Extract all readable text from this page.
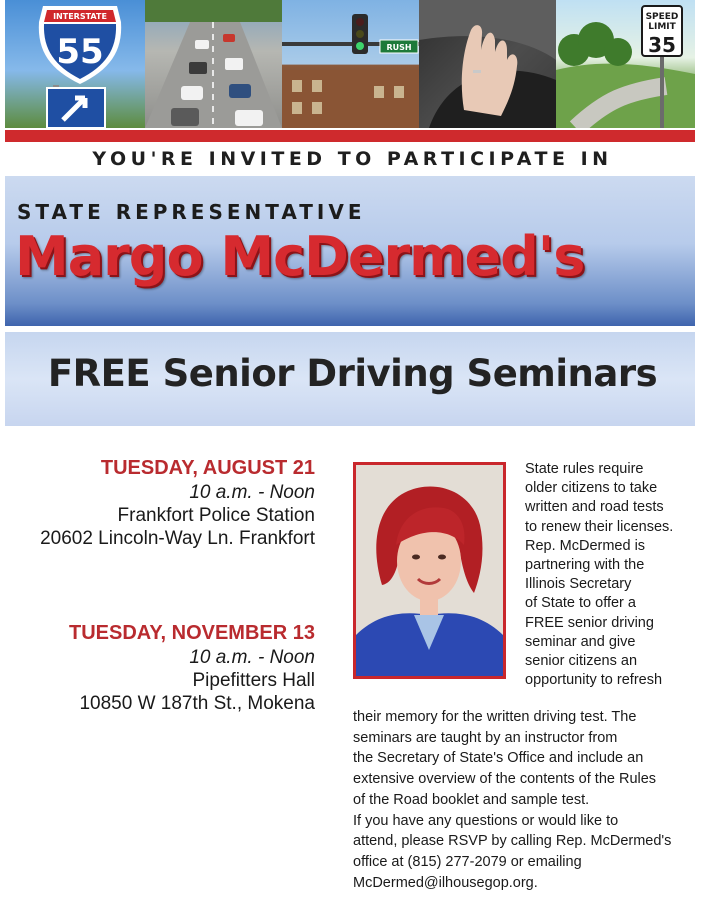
INTERSTATE
55	RUSH
SPEED
LIMIT
35
YOU'RE INVITED TO PARTICIPATE IN
STATE REPRESENTATIVE
Margo McDermed's
FREE Senior Driving Seminars
TUESDAY, AUGUST 21
10 a.m. - Noon
Frankfort Police Station
20602 Lincoln-Way Ln. Frankfort
TUESDAY, NOVEMBER 13
10 a.m. - Noon
Pipefitters Hall
10850 W 187th St., Mokena
State rules require
older citizens to take
written and road tests
to renew their licenses.
Rep. McDermed is
partnering with the
Illinois Secretary
of State to offer a
FREE senior driving
seminar and give
senior citizens an
opportunity to refresh
their memory for the written driving test. The
seminars are taught by an instructor from
the Secretary of State's Office and include an
extensive overview of the contents of the Rules
of the Road booklet and sample test.
If you have any questions or would like to
attend, please RSVP by calling Rep. McDermed's
office at (815) 277-2079 or emailing
McDermed@ilhousegop.org.
